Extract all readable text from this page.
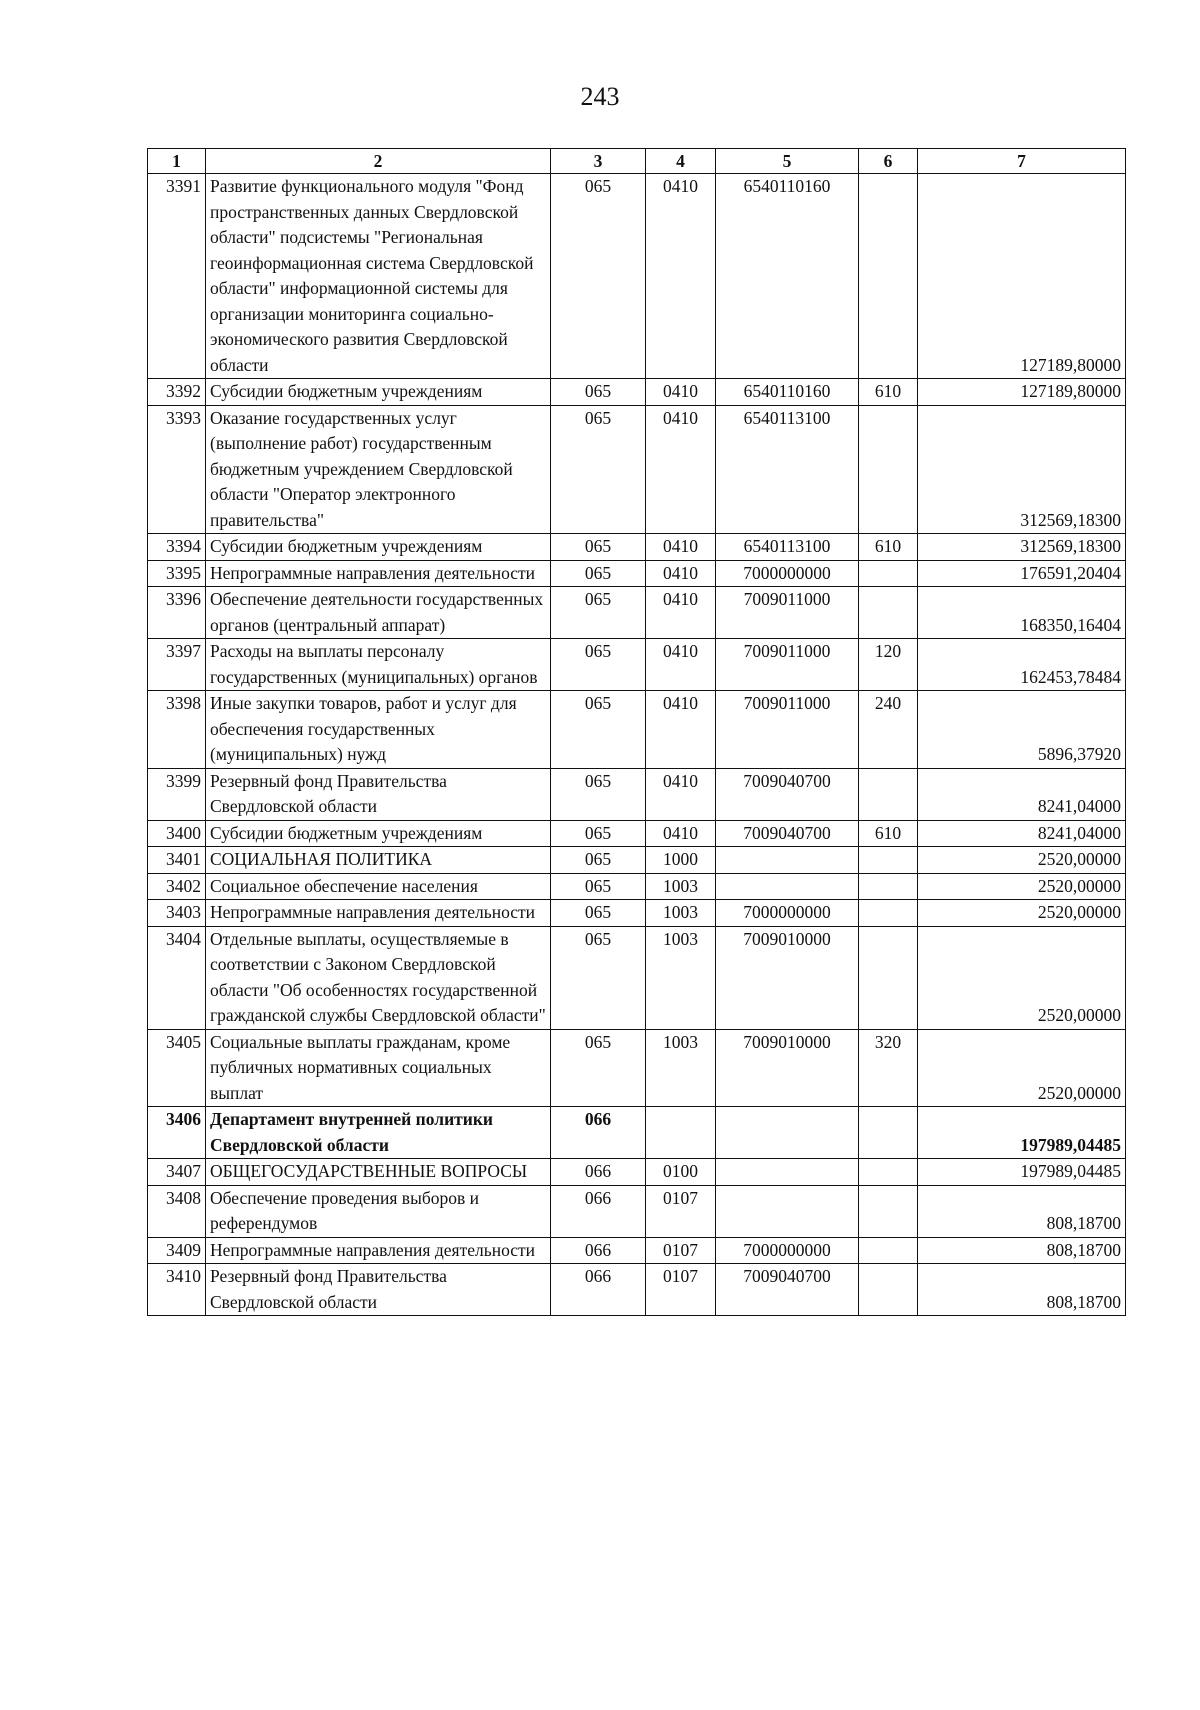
243
1	2	3	4	5	6	7
3391	Развитие функционального модуля "Фонд пространственных данных Свердловской области" подсистемы "Региональная геоинформационная система Свердловской области" информационной системы для организации мониторинга социально-экономического развития Свердловской области	065	0410	6540110160		127189,80000
3392	Субсидии бюджетным учреждениям	065	0410	6540110160	610	127189,80000
3393	Оказание государственных услуг (выполнение работ) государственным бюджетным учреждением Свердловской области "Оператор электронного правительства"	065	0410	6540113100		312569,18300
3394	Субсидии бюджетным учреждениям	065	0410	6540113100	610	312569,18300
3395	Непрограммные направления деятельности	065	0410	7000000000		176591,20404
3396	Обеспечение деятельности государственных органов (центральный аппарат)	065	0410	7009011000		168350,16404
3397	Расходы на выплаты персоналу государственных (муниципальных) органов	065	0410	7009011000	120	162453,78484
3398	Иные закупки товаров, работ и услуг для обеспечения государственных (муниципальных) нужд	065	0410	7009011000	240	5896,37920
3399	Резервный фонд Правительства Свердловской области	065	0410	7009040700		8241,04000
3400	Субсидии бюджетным учреждениям	065	0410	7009040700	610	8241,04000
3401	СОЦИАЛЬНАЯ ПОЛИТИКА	065	1000			2520,00000
3402	Социальное обеспечение населения	065	1003			2520,00000
3403	Непрограммные направления деятельности	065	1003	7000000000		2520,00000
3404	Отдельные выплаты, осуществляемые в соответствии с Законом Свердловской области "Об особенностях государственной гражданской службы Свердловской области"	065	1003	7009010000		2520,00000
3405	Социальные выплаты гражданам, кроме публичных нормативных социальных выплат	065	1003	7009010000	320	2520,00000
3406	Департамент внутренней политики Свердловской области	066				197989,04485
3407	ОБЩЕГОСУДАРСТВЕННЫЕ ВОПРОСЫ	066	0100			197989,04485
3408	Обеспечение проведения выборов и референдумов	066	0107			808,18700
3409	Непрограммные направления деятельности	066	0107	7000000000		808,18700
3410	Резервный фонд Правительства Свердловской области	066	0107	7009040700		808,18700
